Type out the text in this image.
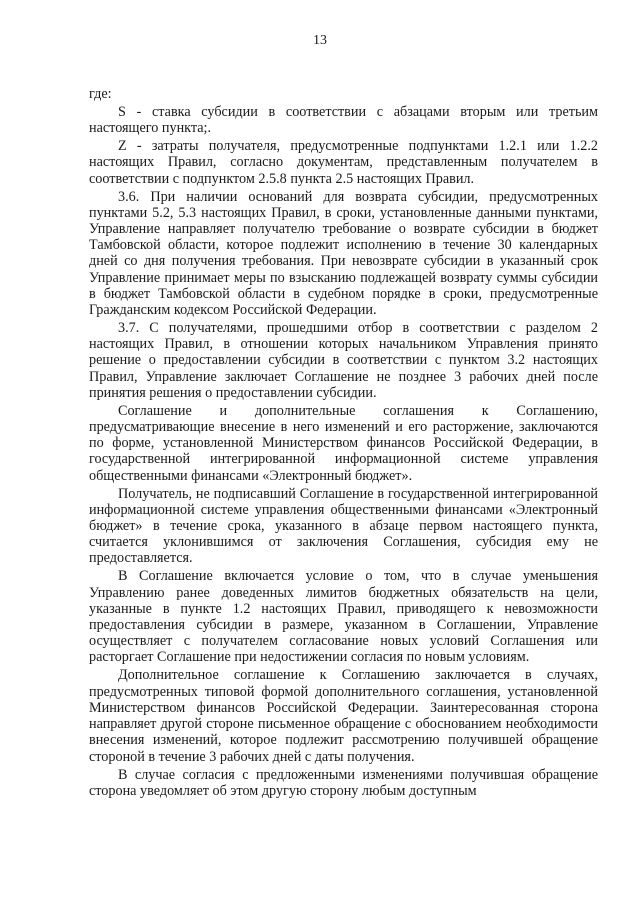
13

где:

S - ставка субсидии в соответствии с абзацами вторым или третьим настоящего пункта;.

Z - затраты получателя, предусмотренные подпунктами 1.2.1 или 1.2.2 настоящих Правил, согласно документам, представленным получателем в соответствии с подпунктом 2.5.8 пункта 2.5 настоящих Правил.

3.6. При наличии оснований для возврата субсидии, предусмотренных пунктами 5.2, 5.3 настоящих Правил, в сроки, установленные данными пунктами, Управление направляет получателю требование о возврате субсидии в бюджет Тамбовской области, которое подлежит исполнению в течение 30 календарных дней со дня получения требования. При невозврате субсидии в указанный срок Управление принимает меры по взысканию подлежащей возврату суммы субсидии в бюджет Тамбовской области в судебном порядке в сроки, предусмотренные Гражданским кодексом Российской Федерации.

3.7. С получателями, прошедшими отбор в соответствии с разделом 2 настоящих Правил, в отношении которых начальником Управления принято решение о предоставлении субсидии в соответствии с пунктом 3.2 настоящих Правил, Управление заключает Соглашение не позднее 3 рабочих дней после принятия решения о предоставлении субсидии.

Соглашение и дополнительные соглашения к Соглашению, предусматривающие внесение в него изменений и его расторжение, заключаются по форме, установленной Министерством финансов Российской Федерации, в государственной интегрированной информационной системе управления общественными финансами «Электронный бюджет».

Получатель, не подписавший Соглашение в государственной интегрированной информационной системе управления общественными финансами «Электронный бюджет» в течение срока, указанного в абзаце первом настоящего пункта, считается уклонившимся от заключения Соглашения, субсидия ему не предоставляется.

В Соглашение включается условие о том, что в случае уменьшения Управлению ранее доведенных лимитов бюджетных обязательств на цели, указанные в пункте 1.2 настоящих Правил, приводящего к невозможности предоставления субсидии в размере, указанном в Соглашении, Управление осуществляет с получателем согласование новых условий Соглашения или расторгает Соглашение при недостижении согласия по новым условиям.

Дополнительное соглашение к Соглашению заключается в случаях, предусмотренных типовой формой дополнительного соглашения, установленной Министерством финансов Российской Федерации. Заинтересованная сторона направляет другой стороне письменное обращение с обоснованием необходимости внесения изменений, которое подлежит рассмотрению получившей обращение стороной в течение 3 рабочих дней с даты получения.

В случае согласия с предложенными изменениями получившая обращение сторона уведомляет об этом другую сторону любым доступным
